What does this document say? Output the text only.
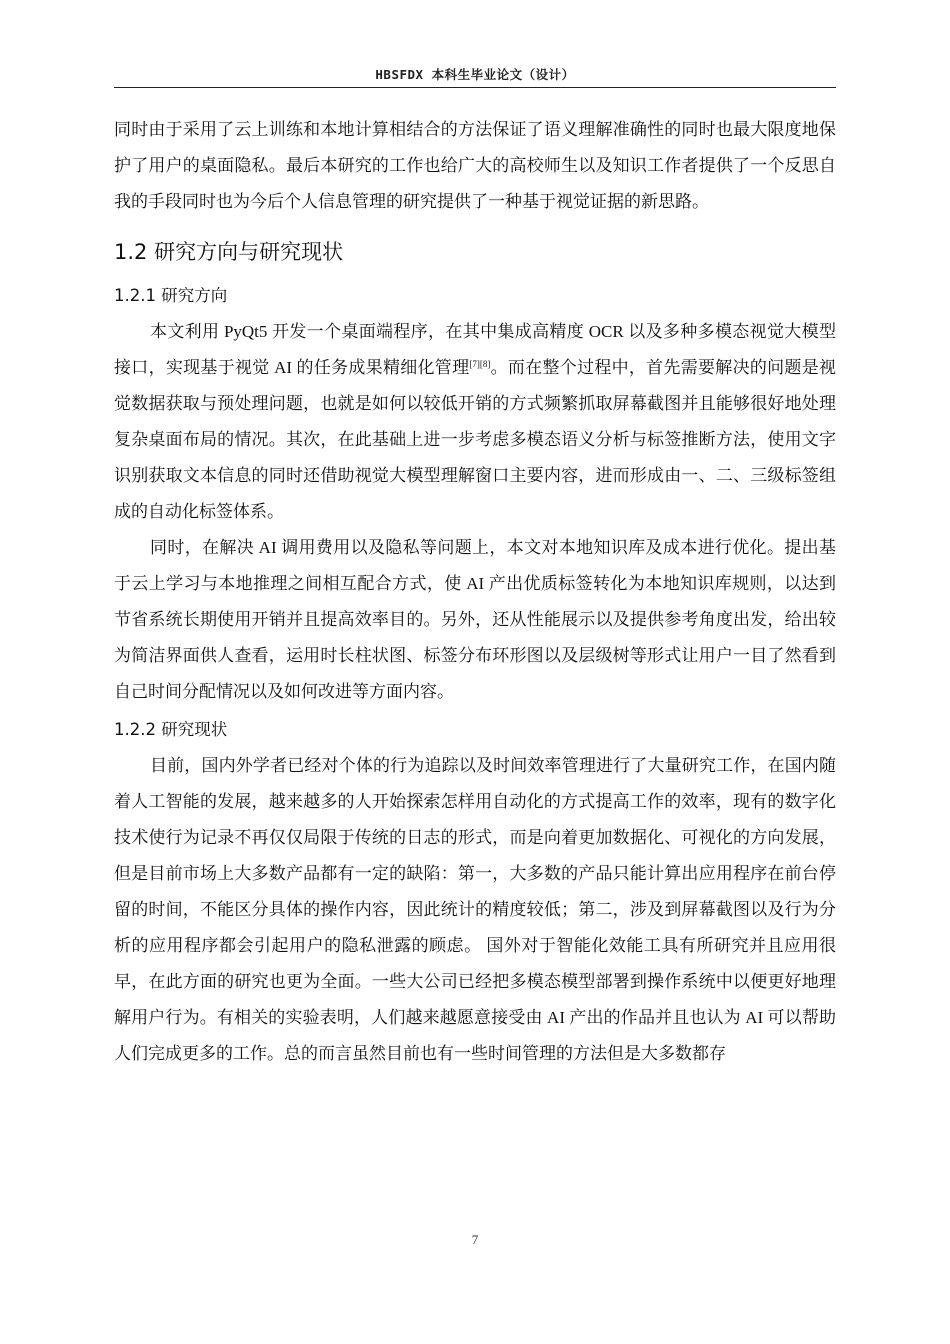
HBSFDX 本科生毕业论文（设计）

同时由于采用了云上训练和本地计算相结合的方法保证了语义理解准确性的同时也最大限度地保护了用户的桌面隐私。最后本研究的工作也给广大的高校师生以及知识工作者提供了一个反思自我的手段同时也为今后个人信息管理的研究提供了一种基于视觉证据的新思路。

1.2 研究方向与研究现状
1.2.1 研究方向

本文利用 PyQt5 开发一个桌面端程序，在其中集成高精度 OCR 以及多种多模态视觉大模型接口，实现基于视觉 AI 的任务成果精细化管理[7][8]。而在整个过程中，首先需要解决的问题是视觉数据获取与预处理问题，也就是如何以较低开销的方式频繁抓取屏幕截图并且能够很好地处理复杂桌面布局的情况。其次，在此基础上进一步考虑多模态语义分析与标签推断方法，使用文字识别获取文本信息的同时还借助视觉大模型理解窗口主要内容，进而形成由一、二、三级标签组成的自动化标签体系。

同时，在解决 AI 调用费用以及隐私等问题上，本文对本地知识库及成本进行优化。提出基于云上学习与本地推理之间相互配合方式，使 AI 产出优质标签转化为本地知识库规则，以达到节省系统长期使用开销并且提高效率目的。另外，还从性能展示以及提供参考角度出发，给出较为简洁界面供人查看，运用时长柱状图、标签分布环形图以及层级树等形式让用户一目了然看到自己时间分配情况以及如何改进等方面内容。

1.2.2 研究现状

目前，国内外学者已经对个体的行为追踪以及时间效率管理进行了大量研究工作，在国内随着人工智能的发展，越来越多的人开始探索怎样用自动化的方式提高工作的效率，现有的数字化技术使行为记录不再仅仅局限于传统的日志的形式，而是向着更加数据化、可视化的方向发展，但是目前市场上大多数产品都有一定的缺陷：第一，大多数的产品只能计算出应用程序在前台停留的时间，不能区分具体的操作内容，因此统计的精度较低；第二，涉及到屏幕截图以及行为分析的应用程序都会引起用户的隐私泄露的顾虑。 国外对于智能化效能工具有所研究并且应用很早，在此方面的研究也更为全面。一些大公司已经把多模态模型部署到操作系统中以便更好地理解用户行为。有相关的实验表明，人们越来越愿意接受由 AI 产出的作品并且也认为 AI 可以帮助人们完成更多的工作。总的而言虽然目前也有一些时间管理的方法但是大多数都存

7
